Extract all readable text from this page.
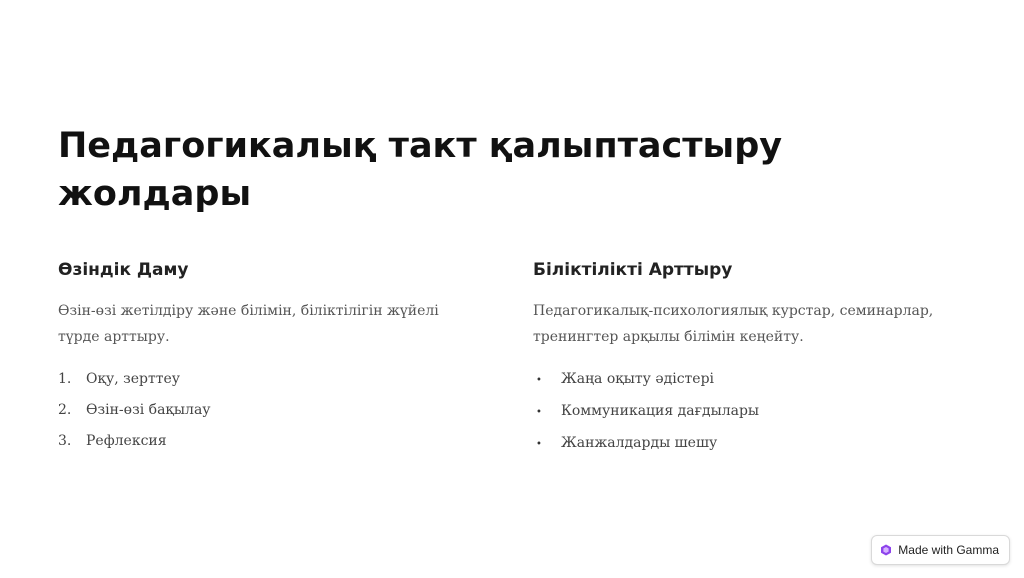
Педагогикалық такт қалыптастыру жолдары
Өзіндік Даму

Өзін-өзі жетілдіру және білімін, біліктілігін жүйелі түрде арттыру.

1.	Оқу, зерттеу
2.	Өзін-өзі бақылау
3.	Рефлексия
Біліктілікті Арттыру

Педагогикалық-психологиялық курстар, семинарлар, тренингтер арқылы білімін кеңейту.

•	Жаңа оқыту әдістері
•	Коммуникация дағдылары
•	Жанжалдарды шешу
Made with Gamma
